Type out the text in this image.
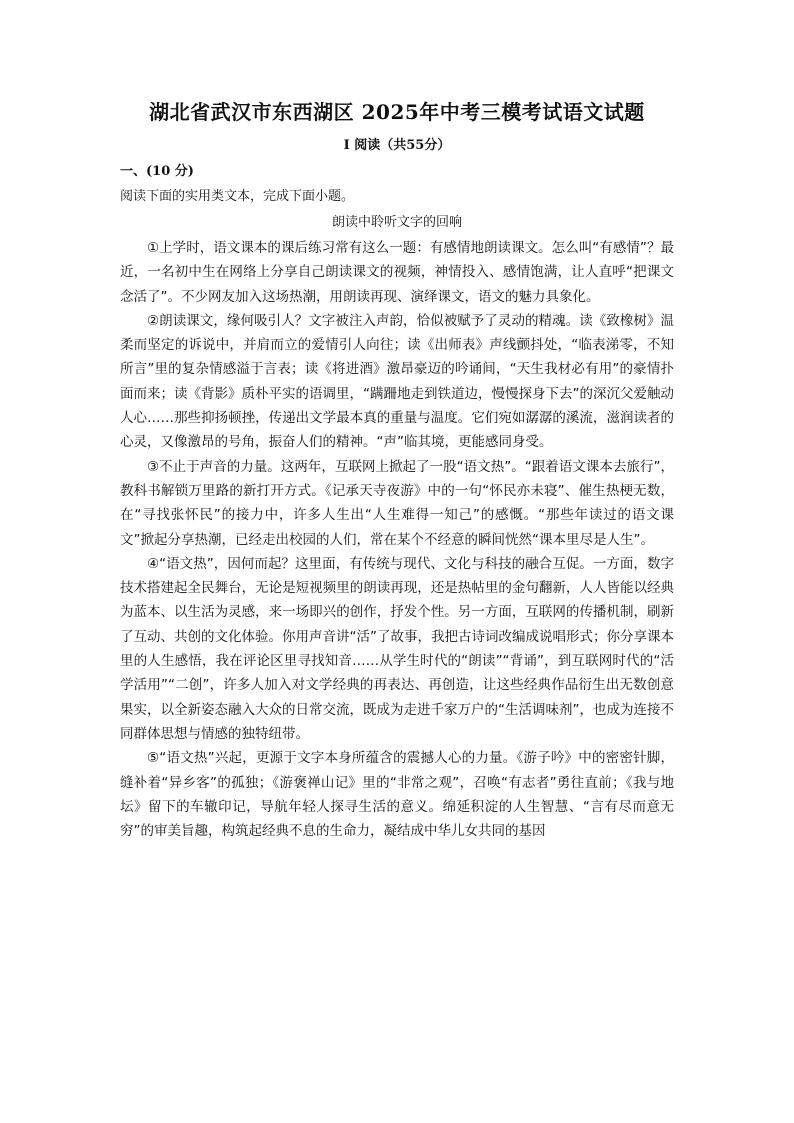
湖北省武汉市东西湖区 2025年中考三模考试语文试题
I 阅读（共55分）
一、(10 分)
阅读下面的实用类文本，完成下面小题。
朗读中聆听文字的回响

①上学时，语文课本的课后练习常有这么一题：有感情地朗读课文。怎么叫“有感情”？最近，一名初中生在网络上分享自己朗读课文的视频，神情投入、感情饱满，让人直呼“把课文念活了”。不少网友加入这场热潮，用朗读再现、演绎课文，语文的魅力具象化。

②朗读课文，缘何吸引人？文字被注入声韵，恰似被赋予了灵动的精魂。读《致橡树》温柔而坚定的诉说中，并肩而立的爱情引人向往；读《出师表》声线颤抖处，“临表涕零，不知所言”里的复杂情感溢于言表；读《将进酒》激昂豪迈的吟诵间，“天生我材必有用”的豪情扑面而来；读《背影》质朴平实的语调里，“蹒跚地走到铁道边，慢慢探身下去”的深沉父爱触动人心……那些抑扬顿挫，传递出文学最本真的重量与温度。它们宛如潺潺的溪流，滋润读者的心灵，又像激昂的号角，振奋人们的精神。“声”临其境，更能感同身受。

③不止于声音的力量。这两年，互联网上掀起了一股“语文热”。“跟着语文课本去旅行”，教科书解锁万里路的新打开方式。《记承天寺夜游》中的一句“怀民亦未寝”、催生热梗无数，在“寻找张怀民”的接力中，许多人生出“人生难得一知己”的感慨。“那些年读过的语文课文”掀起分享热潮，已经走出校园的人们，常在某个不经意的瞬间恍然“课本里尽是人生”。

④“语文热”，因何而起？这里面，有传统与现代、文化与科技的融合互促。一方面，数字技术搭建起全民舞台，无论是短视频里的朗读再现，还是热帖里的金句翻新，人人皆能以经典为蓝本、以生活为灵感，来一场即兴的创作，抒发个性。另一方面，互联网的传播机制，刷新了互动、共创的文化体验。你用声音讲“活”了故事，我把古诗词改编成说唱形式；你分享课本里的人生感悟，我在评论区里寻找知音……从学生时代的“朗读”“背诵”，到互联网时代的“活学活用”“二创”，许多人加入对文学经典的再表达、再创造，让这些经典作品衍生出无数创意果实，以全新姿态融入大众的日常交流，既成为走进千家万户的“生活调味剂”，也成为连接不同群体思想与情感的独特纽带。

⑤“语文热”兴起，更源于文字本身所蕴含的震撼人心的力量。《游子吟》中的密密针脚，缝补着“异乡客”的孤独；《游褒禅山记》里的“非常之观”，召唤“有志者”勇往直前；《我与地坛》留下的车辙印记，导航年轻人探寻生活的意义。绵延积淀的人生智慧、“言有尽而意无穷”的审美旨趣，构筑起经典不息的生命力，凝结成中华儿女共同的基因
